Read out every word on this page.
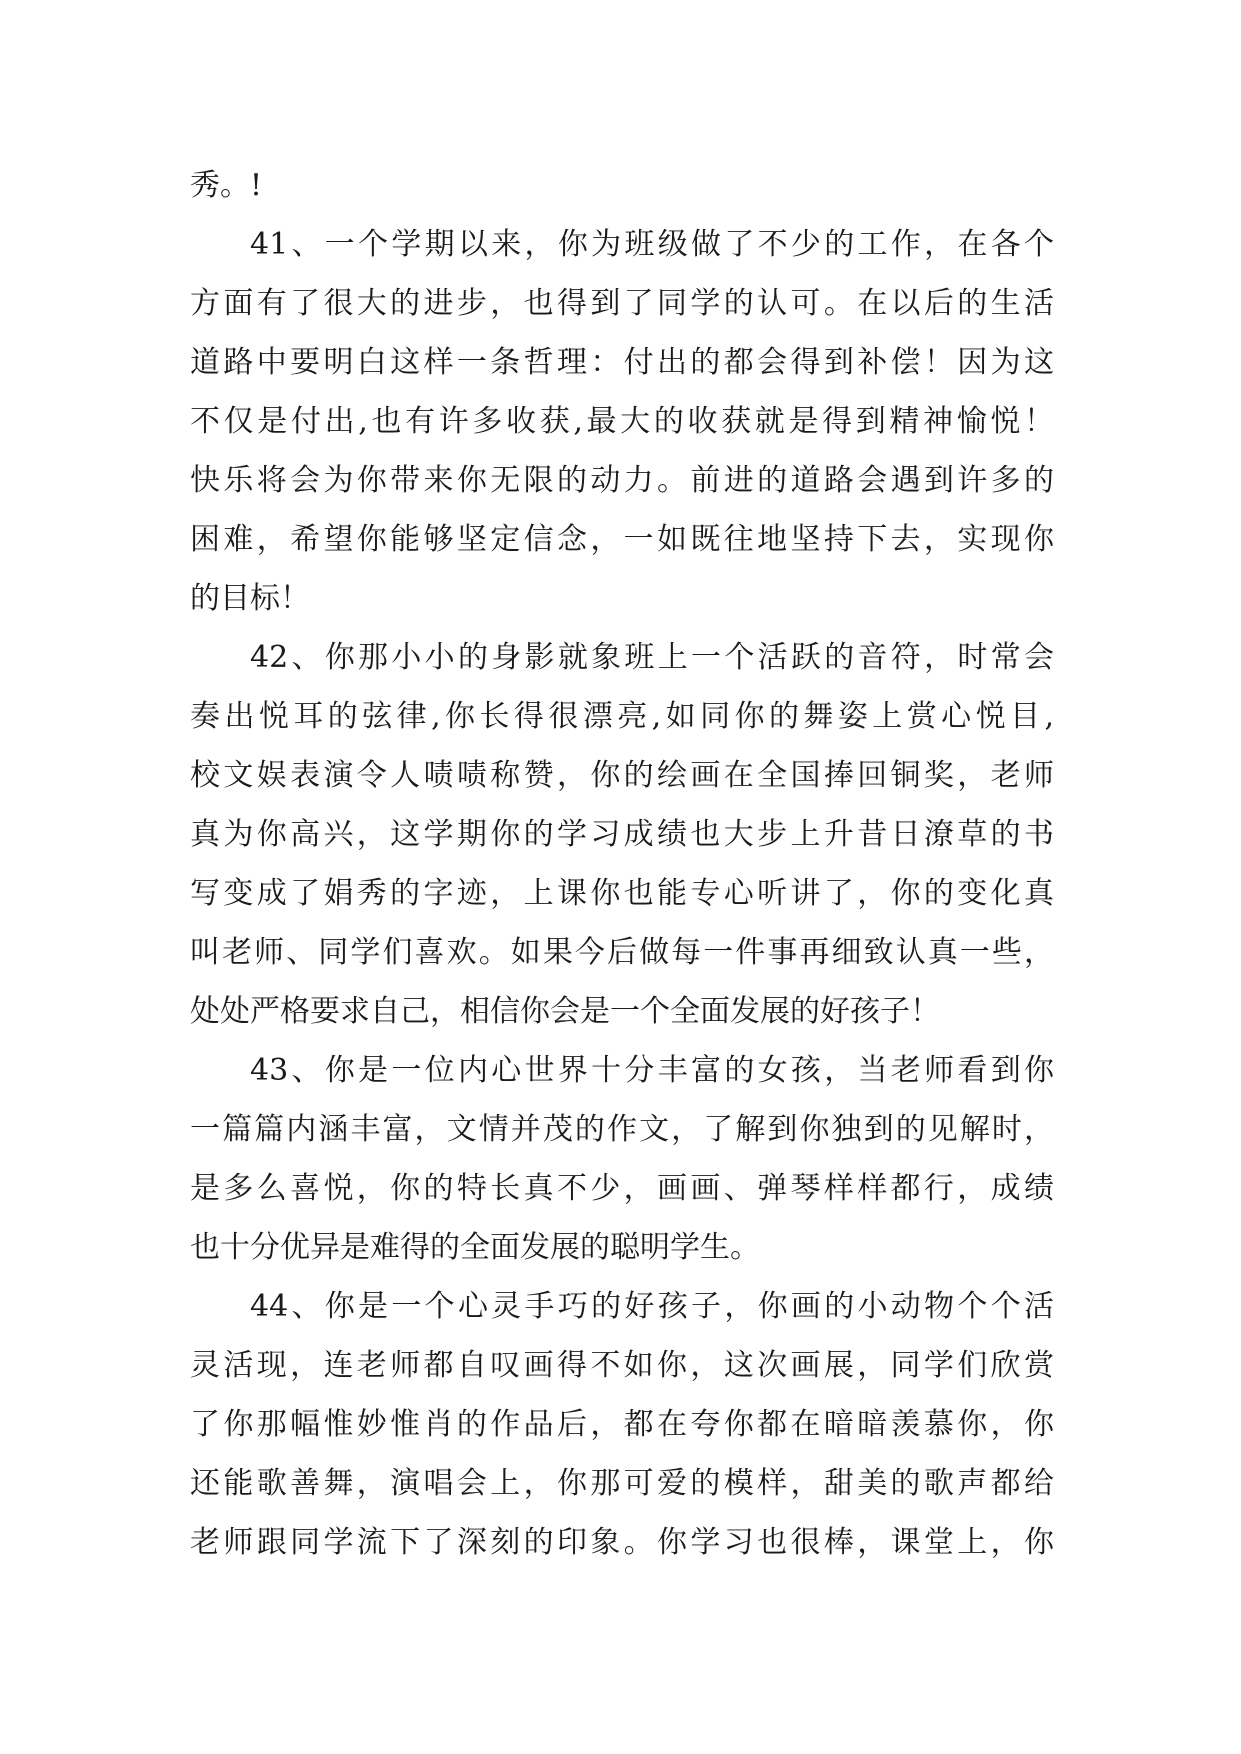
秀。!
41、一个学期以来，你为班级做了不少的工作，在各个
方面有了很大的进步，也得到了同学的认可。在以后的生活
道路中要明白这样一条哲理：付出的都会得到补偿！因为这
不仅是付出,也有许多收获,最大的收获就是得到精神愉悦！
快乐将会为你带来你无限的动力。前进的道路会遇到许多的
困难，希望你能够坚定信念，一如既往地坚持下去，实现你
的目标！
42、你那小小的身影就象班上一个活跃的音符，时常会
奏出悦耳的弦律,你长得很漂亮,如同你的舞姿上赏心悦目,
校文娱表演令人啧啧称赞，你的绘画在全国捧回铜奖，老师
真为你高兴，这学期你的学习成绩也大步上升昔日潦草的书
写变成了娟秀的字迹，上课你也能专心听讲了，你的变化真
叫老师、同学们喜欢。如果今后做每一件事再细致认真一些，
处处严格要求自己，相信你会是一个全面发展的好孩子！
43、你是一位内心世界十分丰富的女孩，当老师看到你
一篇篇内涵丰富，文情并茂的作文，了解到你独到的见解时，
是多么喜悦，你的特长真不少，画画、弹琴样样都行，成绩
也十分优异是难得的全面发展的聪明学生。
44、你是一个心灵手巧的好孩子，你画的小动物个个活
灵活现，连老师都自叹画得不如你，这次画展，同学们欣赏
了你那幅惟妙惟肖的作品后，都在夸你都在暗暗羡慕你，你
还能歌善舞，演唱会上，你那可爱的模样，甜美的歌声都给
老师跟同学流下了深刻的印象。你学习也很棒，课堂上，你
